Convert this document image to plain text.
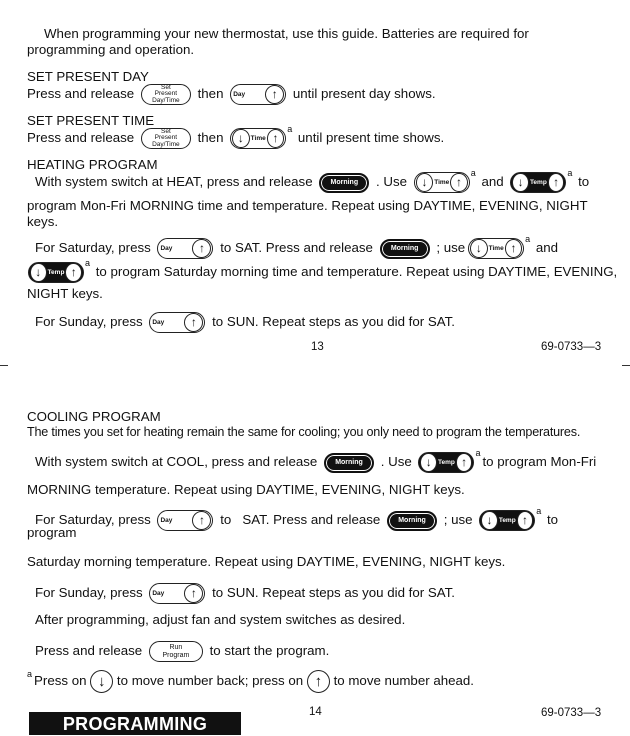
When programming your new thermostat, use this guide. Batteries are required for programming and operation.
SET PRESENT DAY
Press and release	Set
Present
Day/Time then Day	↑	until present day shows.
SET PRESENT TIME
Press and release	Set
Present
Day/Time then	↓	Time ↑
$^a$ until present time shows.
HEATING PROGRAM
With system switch at HEAT, press and release	Morning . Use	↓	Time ↑
$^a$ and	↓ Temp ↑
$^a$ to
program Mon-Fri MORNING time and temperature. Repeat using DAYTIME, EVENING, NIGHT keys.
For Saturday, press Day	↑	to SAT. Press and release	Morning ; use ↓	Time ↑
$^a$ and
↓ Temp ↑
$^a$ to program Saturday morning time and temperature. Repeat using DAYTIME, EVENING,
NIGHT keys.
For Sunday, press Day	↑	to SUN. Repeat steps as you did for SAT.
13	69-0733—3
COOLING PROGRAM
The times you set for heating remain the same for cooling; you only need to program the temperatures.
With system switch at COOL, press and release	Morning . Use	↓ Temp ↑
$^a$to program Mon-Fri
MORNING temperature. Repeat using DAYTIME, EVENING, NIGHT keys.
For Saturday, press Day	↑	to   SAT. Press and release	Morning ; use	↓ Temp ↑
$^a$ to
program
Saturday morning temperature. Repeat using DAYTIME, EVENING, NIGHT keys.
For Sunday, press Day	↑	to SUN. Repeat steps as you did for SAT.
After programming, adjust fan and system switches as desired.
Press and release	Run
Program to start the program.
$^a$ Press on ↓ to move number back; press on ↑ to move number ahead.
14	69-0733—3
PROGRAMMING
